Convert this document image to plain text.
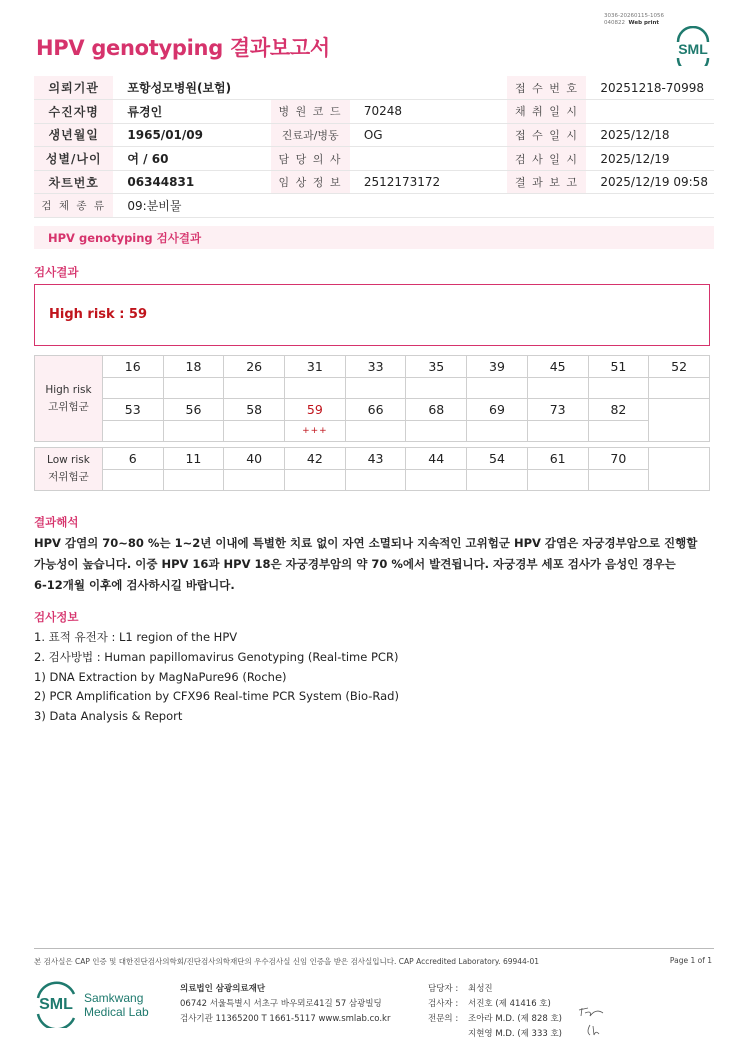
HPV genotyping 결과보고서
3036-20260115-1056
040822 Web print
SML
의뢰기관	포항성모병원(보험)			접 수 번 호	20251218-70998
수진자명	류경인	병 원 코 드	70248	채 취 일 시	
생년월일	1965/01/09	진료과/병동	OG	접 수 일 시	2025/12/18
성별/나이	여 / 60	담 당 의 사		검 사 일 시	2025/12/19
차트번호	06344831	임 상 정 보	2512173172	결 과 보 고	2025/12/19 09:58
검 체 종 류	09:분비물				
HPV genotyping 검사결과
검사결과
High risk : 59
High risk
고위험군	16	18	26	31	33	35	39	45	51	52

	53	56	58	59	66	68	69	73	82	
				+++						
Low risk
저위험군	6	11	40	42	43	44	54	61	70	

결과해석
HPV 감염의 70~80 %는 1~2년 이내에 특별한 치료 없이 자연 소멸되나 지속적인 고위험군 HPV 감염은 자궁경부암으로 진행할
가능성이 높습니다. 이중 HPV 16과 HPV 18은 자궁경부암의 약 70 %에서 발견됩니다. 자궁경부 세포 검사가 음성인 경우는
6-12개월 이후에 검사하시길 바랍니다.
검사정보
1. 표적 유전자 : L1 region of the HPV
2. 검사방법 : Human papillomavirus Genotyping (Real-time PCR)
1) DNA Extraction by MagNaPure96 (Roche)
2) PCR Amplification by CFX96 Real-time PCR System (Bio-Rad)
3) Data Analysis & Report
본 검사실은 CAP 인증 및 대한진단검사의학회/진단검사의학재단의 우수검사실 신임 인증을 받은 검사실입니다. CAP Accredited Laboratory. 69944-01	Page 1 of 1
SML Samkwang
Medical Lab
의료법인 삼광의료재단
06742 서울특별시 서초구 바우뫼로41길 57 삼광빌딩
검사기관 11365200 T 1661-5117 www.smlab.co.kr
담당자 :	최성진
검사자 :	서진호 (제 41416 호)
전문의 :	조아라 M.D. (제 828 호)
지현영 M.D. (제 333 호)
